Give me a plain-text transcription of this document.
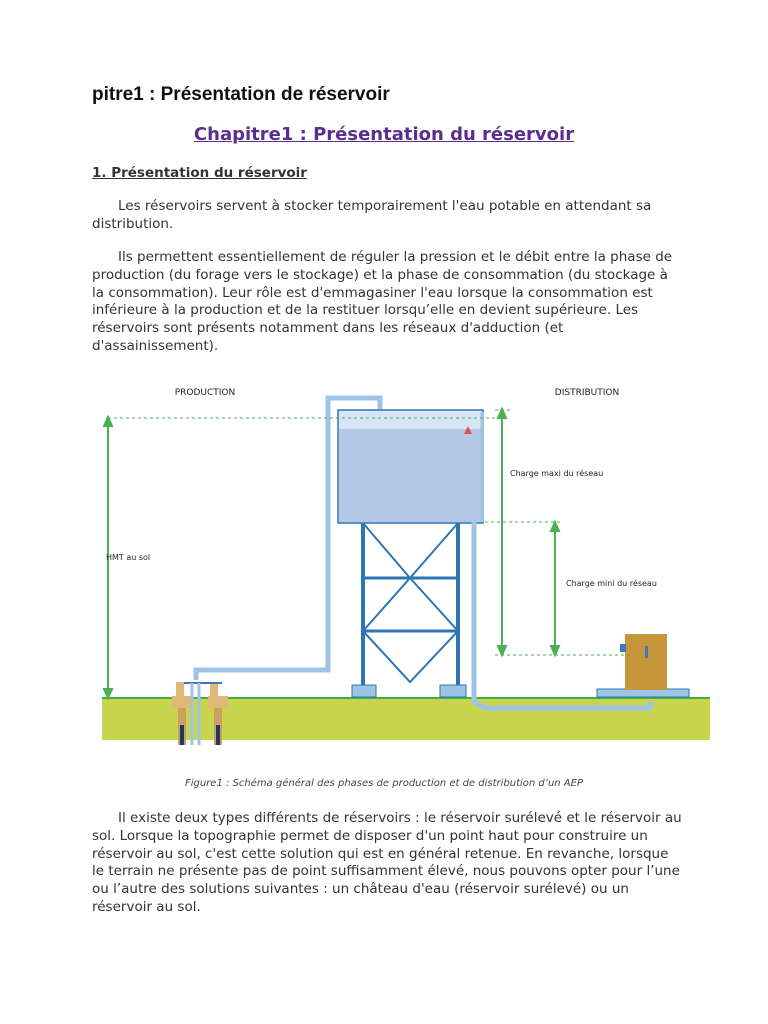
pitre1 : Présentation de réservoir
Chapitre1 : Présentation du réservoir
1. Présentation du réservoir

Les réservoirs servent à stocker temporairement l'eau potable en attendant sa distribution.

Ils permettent essentiellement de réguler la pression et le débit entre la phase de production (du forage vers le stockage) et la phase de consommation (du stockage à la consommation). Leur rôle est d'emmagasiner l'eau lorsque la consommation est inférieure à la production et de la restituer lorsqu’elle en devient supérieure. Les réservoirs sont présents notamment dans les réseaux d'adduction (et d'assainissement).

PRODUCTION	DISTRIBUTION
HMT au sol
Charge maxi du réseau
Charge mini du réseau

Figure1 : Schéma général des phases de production et de distribution d’un AEP

Il existe deux types différents de réservoirs : le réservoir surélevé et le réservoir au sol. Lorsque la topographie permet de disposer d'un point haut pour construire un réservoir au sol, c'est cette solution qui est en général retenue. En revanche, lorsque le terrain ne présente pas de point suffisamment élevé, nous pouvons opter pour l’une ou l’autre des solutions suivantes : un château d'eau (réservoir surélevé) ou un réservoir au sol.
